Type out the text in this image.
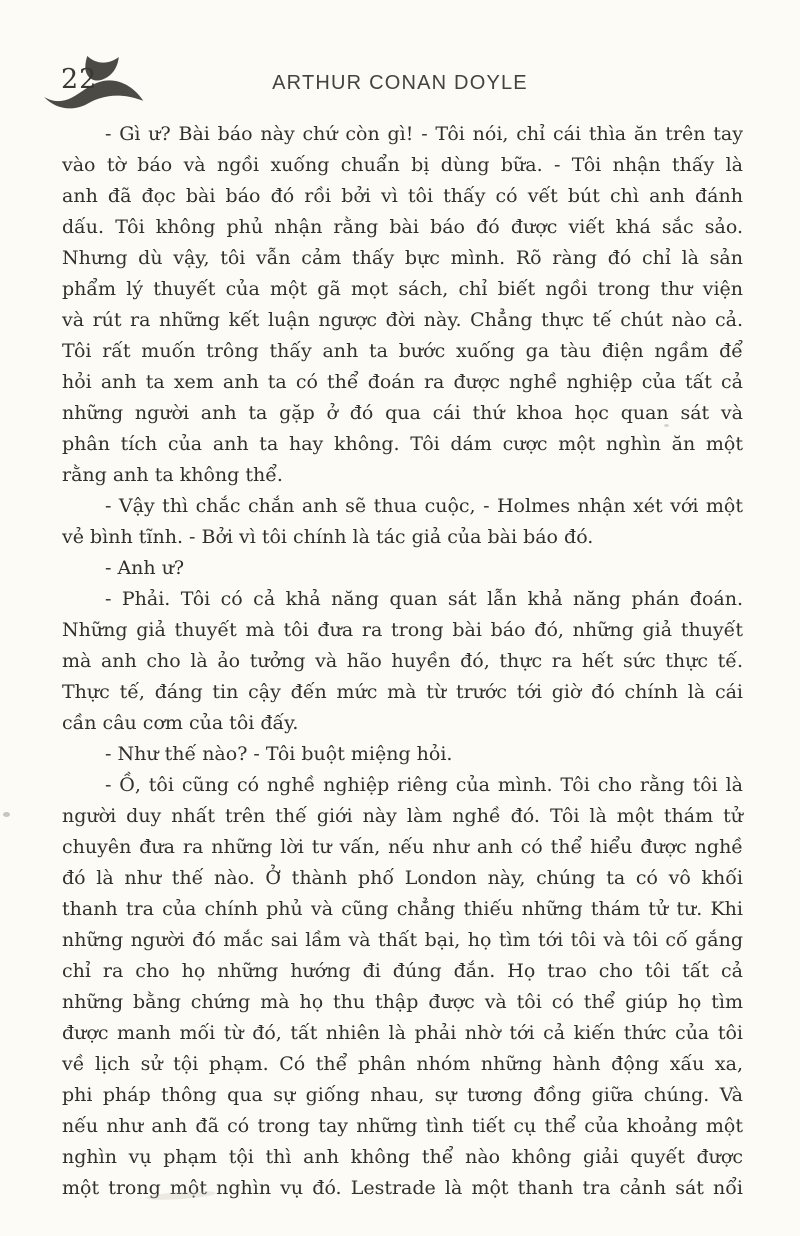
22	ARTHUR CONAN DOYLE
- Gì ư? Bài báo này chứ còn gì! - Tôi nói, chỉ cái thìa ăn trên tay
vào tờ báo và ngồi xuống chuẩn bị dùng bữa. - Tôi nhận thấy là
anh đã đọc bài báo đó rồi bởi vì tôi thấy có vết bút chì anh đánh
dấu. Tôi không phủ nhận rằng bài báo đó được viết khá sắc sảo.
Nhưng dù vậy, tôi vẫn cảm thấy bực mình. Rõ ràng đó chỉ là sản
phẩm lý thuyết của một gã mọt sách, chỉ biết ngồi trong thư viện
và rút ra những kết luận ngược đời này. Chẳng thực tế chút nào cả.
Tôi rất muốn trông thấy anh ta bước xuống ga tàu điện ngầm để
hỏi anh ta xem anh ta có thể đoán ra được nghề nghiệp của tất cả
những người anh ta gặp ở đó qua cái thứ khoa học quan sát và
phân tích của anh ta hay không. Tôi dám cược một nghìn ăn một
rằng anh ta không thể.
- Vậy thì chắc chắn anh sẽ thua cuộc, - Holmes nhận xét với một
vẻ bình tĩnh. - Bởi vì tôi chính là tác giả của bài báo đó.
- Anh ư?
- Phải. Tôi có cả khả năng quan sát lẫn khả năng phán đoán.
Những giả thuyết mà tôi đưa ra trong bài báo đó, những giả thuyết
mà anh cho là ảo tưởng và hão huyền đó, thực ra hết sức thực tế.
Thực tế, đáng tin cậy đến mức mà từ trước tới giờ đó chính là cái
cần câu cơm của tôi đấy.
- Như thế nào? - Tôi buột miệng hỏi.
- Ồ, tôi cũng có nghề nghiệp riêng của mình. Tôi cho rằng tôi là
người duy nhất trên thế giới này làm nghề đó. Tôi là một thám tử
chuyên đưa ra những lời tư vấn, nếu như anh có thể hiểu được nghề
đó là như thế nào. Ở thành phố London này, chúng ta có vô khối
thanh tra của chính phủ và cũng chẳng thiếu những thám tử tư. Khi
những người đó mắc sai lầm và thất bại, họ tìm tới tôi và tôi cố gắng
chỉ ra cho họ những hướng đi đúng đắn. Họ trao cho tôi tất cả
những bằng chứng mà họ thu thập được và tôi có thể giúp họ tìm
được manh mối từ đó, tất nhiên là phải nhờ tới cả kiến thức của tôi
về lịch sử tội phạm. Có thể phân nhóm những hành động xấu xa,
phi pháp thông qua sự giống nhau, sự tương đồng giữa chúng. Và
nếu như anh đã có trong tay những tình tiết cụ thể của khoảng một
nghìn vụ phạm tội thì anh không thể nào không giải quyết được
một trong một nghìn vụ đó. Lestrade là một thanh tra cảnh sát nổi
